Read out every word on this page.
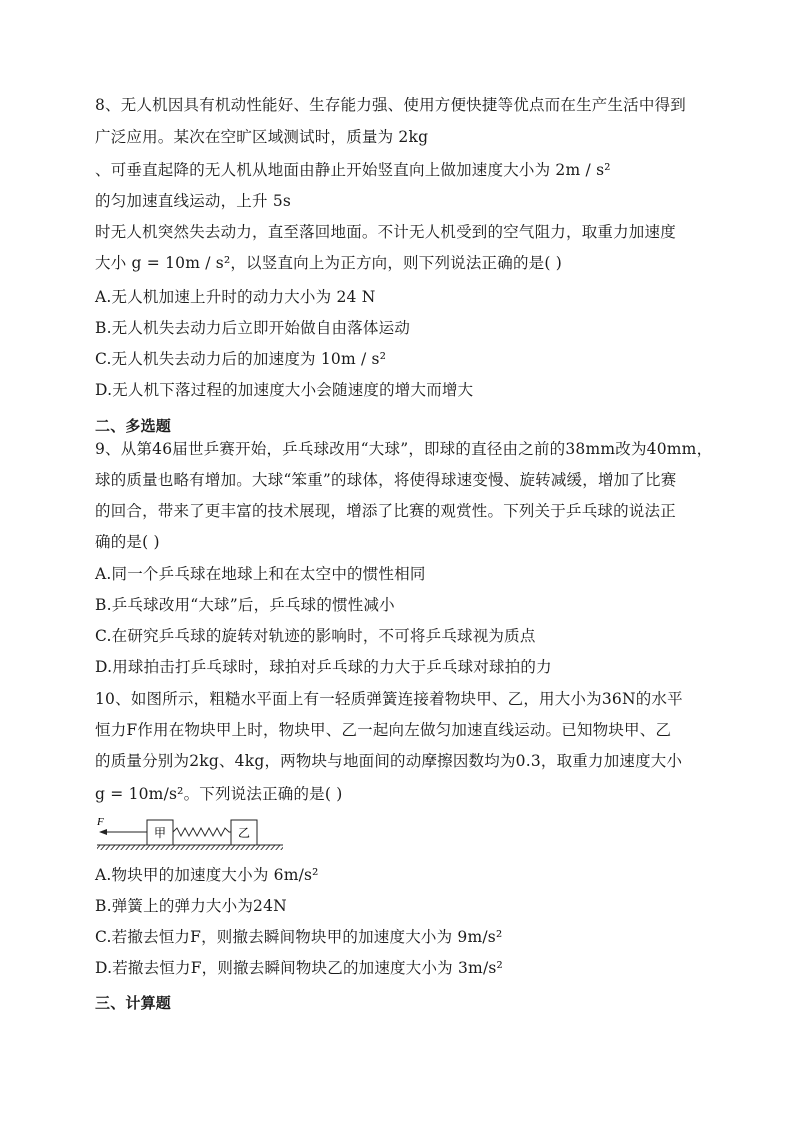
8、无人机因具有机动性能好、生存能力强、使用方便快捷等优点而在生产生活中得到
广泛应用。某次在空旷区域测试时，质量为 2kg
、可垂直起降的无人机从地面由静止开始竖直向上做加速度大小为 2m / s²
的匀加速直线运动，上升 5s
时无人机突然失去动力，直至落回地面。不计无人机受到的空气阻力，取重力加速度
大小 g = 10m / s²，以竖直向上为正方向，则下列说法正确的是( )
A.无人机加速上升时的动力大小为 24 N
B.无人机失去动力后立即开始做自由落体运动
C.无人机失去动力后的加速度为 10m / s²
D.无人机下落过程的加速度大小会随速度的增大而增大
二、多选题
9、从第46届世乒赛开始，乒乓球改用“大球”，即球的直径由之前的38mm改为40mm，
球的质量也略有增加。大球“笨重”的球体，将使得球速变慢、旋转减缓，增加了比赛
的回合，带来了更丰富的技术展现，增添了比赛的观赏性。下列关于乒乓球的说法正
确的是( )
A.同一个乒乓球在地球上和在太空中的惯性相同
B.乒乓球改用“大球”后，乒乓球的惯性减小
C.在研究乒乓球的旋转对轨迹的影响时，不可将乒乓球视为质点
D.用球拍击打乒乓球时，球拍对乒乓球的力大于乒乓球对球拍的力
10、如图所示，粗糙水平面上有一轻质弹簧连接着物块甲、乙，用大小为36N的水平
恒力F作用在物块甲上时，物块甲、乙一起向左做匀加速直线运动。已知物块甲、乙
的质量分别为2kg、4kg，两物块与地面间的动摩擦因数均为0.3，取重力加速度大小
g = 10m/s²。下列说法正确的是( )
F
甲	乙
A.物块甲的加速度大小为 6m/s²
B.弹簧上的弹力大小为24N
C.若撤去恒力F，则撤去瞬间物块甲的加速度大小为 9m/s²
D.若撤去恒力F，则撤去瞬间物块乙的加速度大小为 3m/s²
三、计算题
